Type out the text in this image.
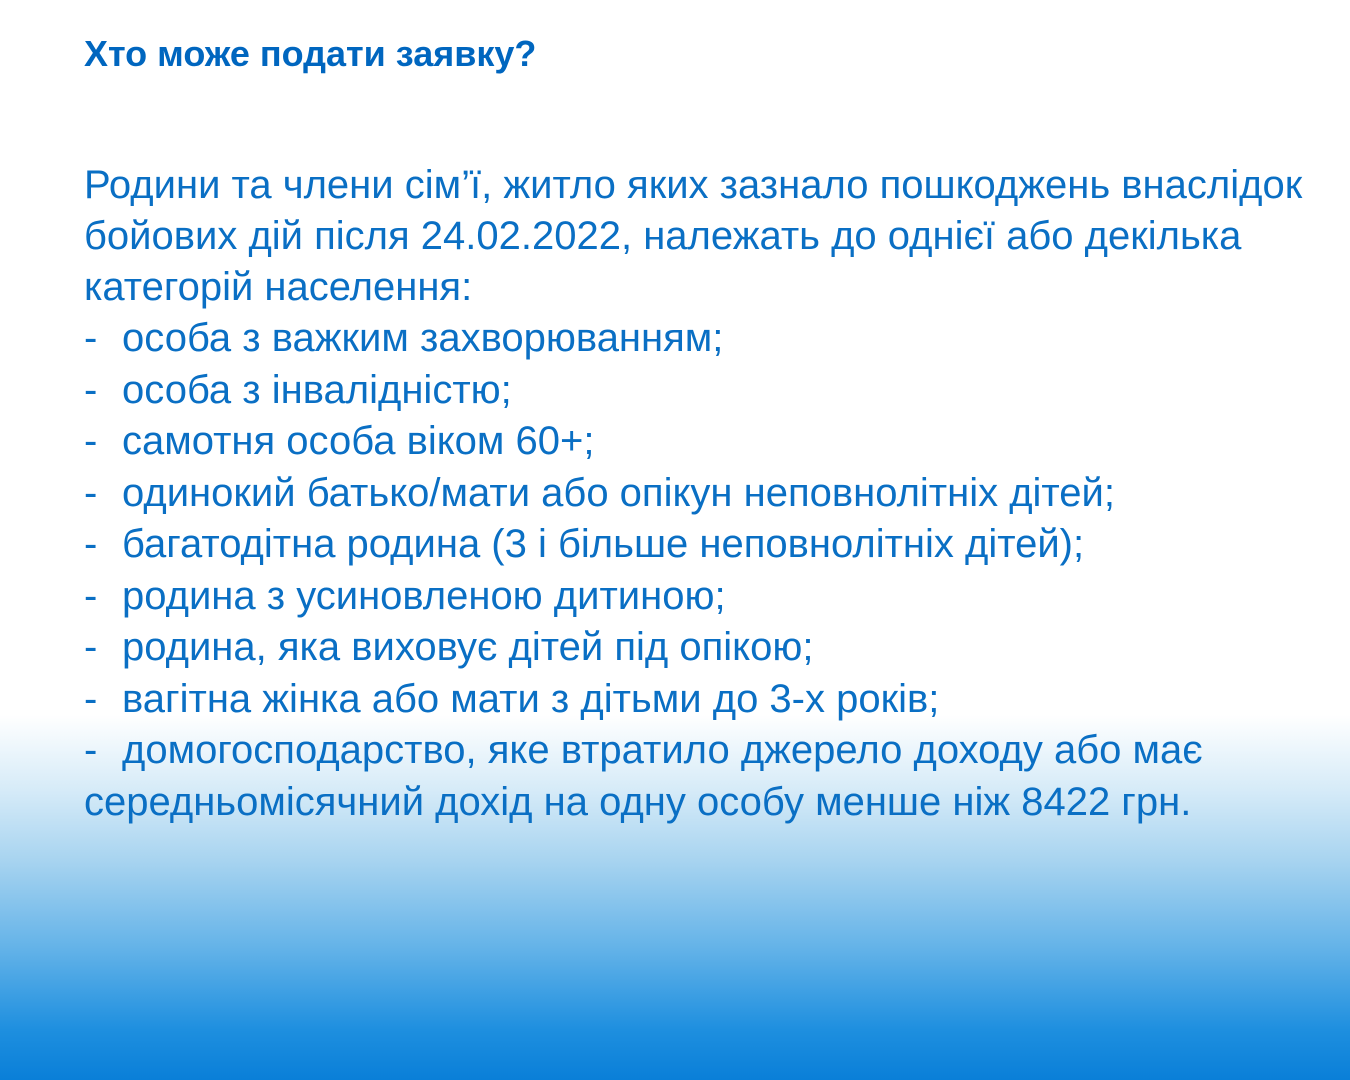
Хто може подати заявку?

Родини та члени сім’ї, житло яких зазнало пошкоджень внаслідок бойових дій після 24.02.2022, належать до однієї або декілька категорій населення:

- особа з важким захворюванням;
- особа з інвалідністю;
- самотня особа віком 60+;
- одинокий батько/мати або опікун неповнолітніх дітей;
- багатодітна родина (3 і більше неповнолітніх дітей);
- родина з усиновленою дитиною;
- родина, яка виховує дітей під опікою;
- вагітна жінка або мати з дітьми до 3-х років;
- домогосподарство, яке втратило джерело доходу або має середньомісячний дохід на одну особу менше ніж 8422 грн.
